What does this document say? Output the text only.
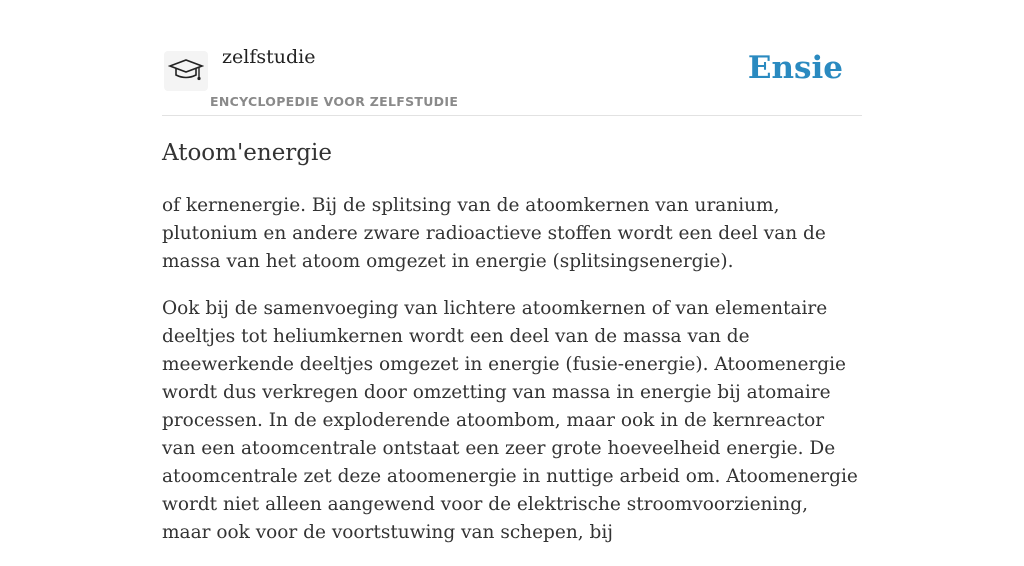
zelfstudie
ENCYCLOPEDIE VOOR ZELFSTUDIE
Ensie
Atoom'energie

of kernenergie. Bij de splitsing van de atoomkernen van uranium, plutonium en andere zware radioactieve stoffen wordt een deel van de massa van het atoom omgezet in energie (splitsingsenergie).

Ook bij de samenvoeging van lichtere atoomkernen of van elementaire deeltjes tot heliumkernen wordt een deel van de massa van de meewerkende deeltjes omgezet in energie (fusie-energie). Atoomenergie wordt dus verkregen door omzetting van massa in energie bij atomaire processen. In de exploderende atoombom, maar ook in de kernreactor van een atoomcentrale ontstaat een zeer grote hoeveelheid energie. De atoomcentrale zet deze atoomenergie in nuttige arbeid om. Atoomenergie wordt niet alleen aangewend voor de elektrische stroomvoorziening, maar ook voor de voortstuwing van schepen, bij
